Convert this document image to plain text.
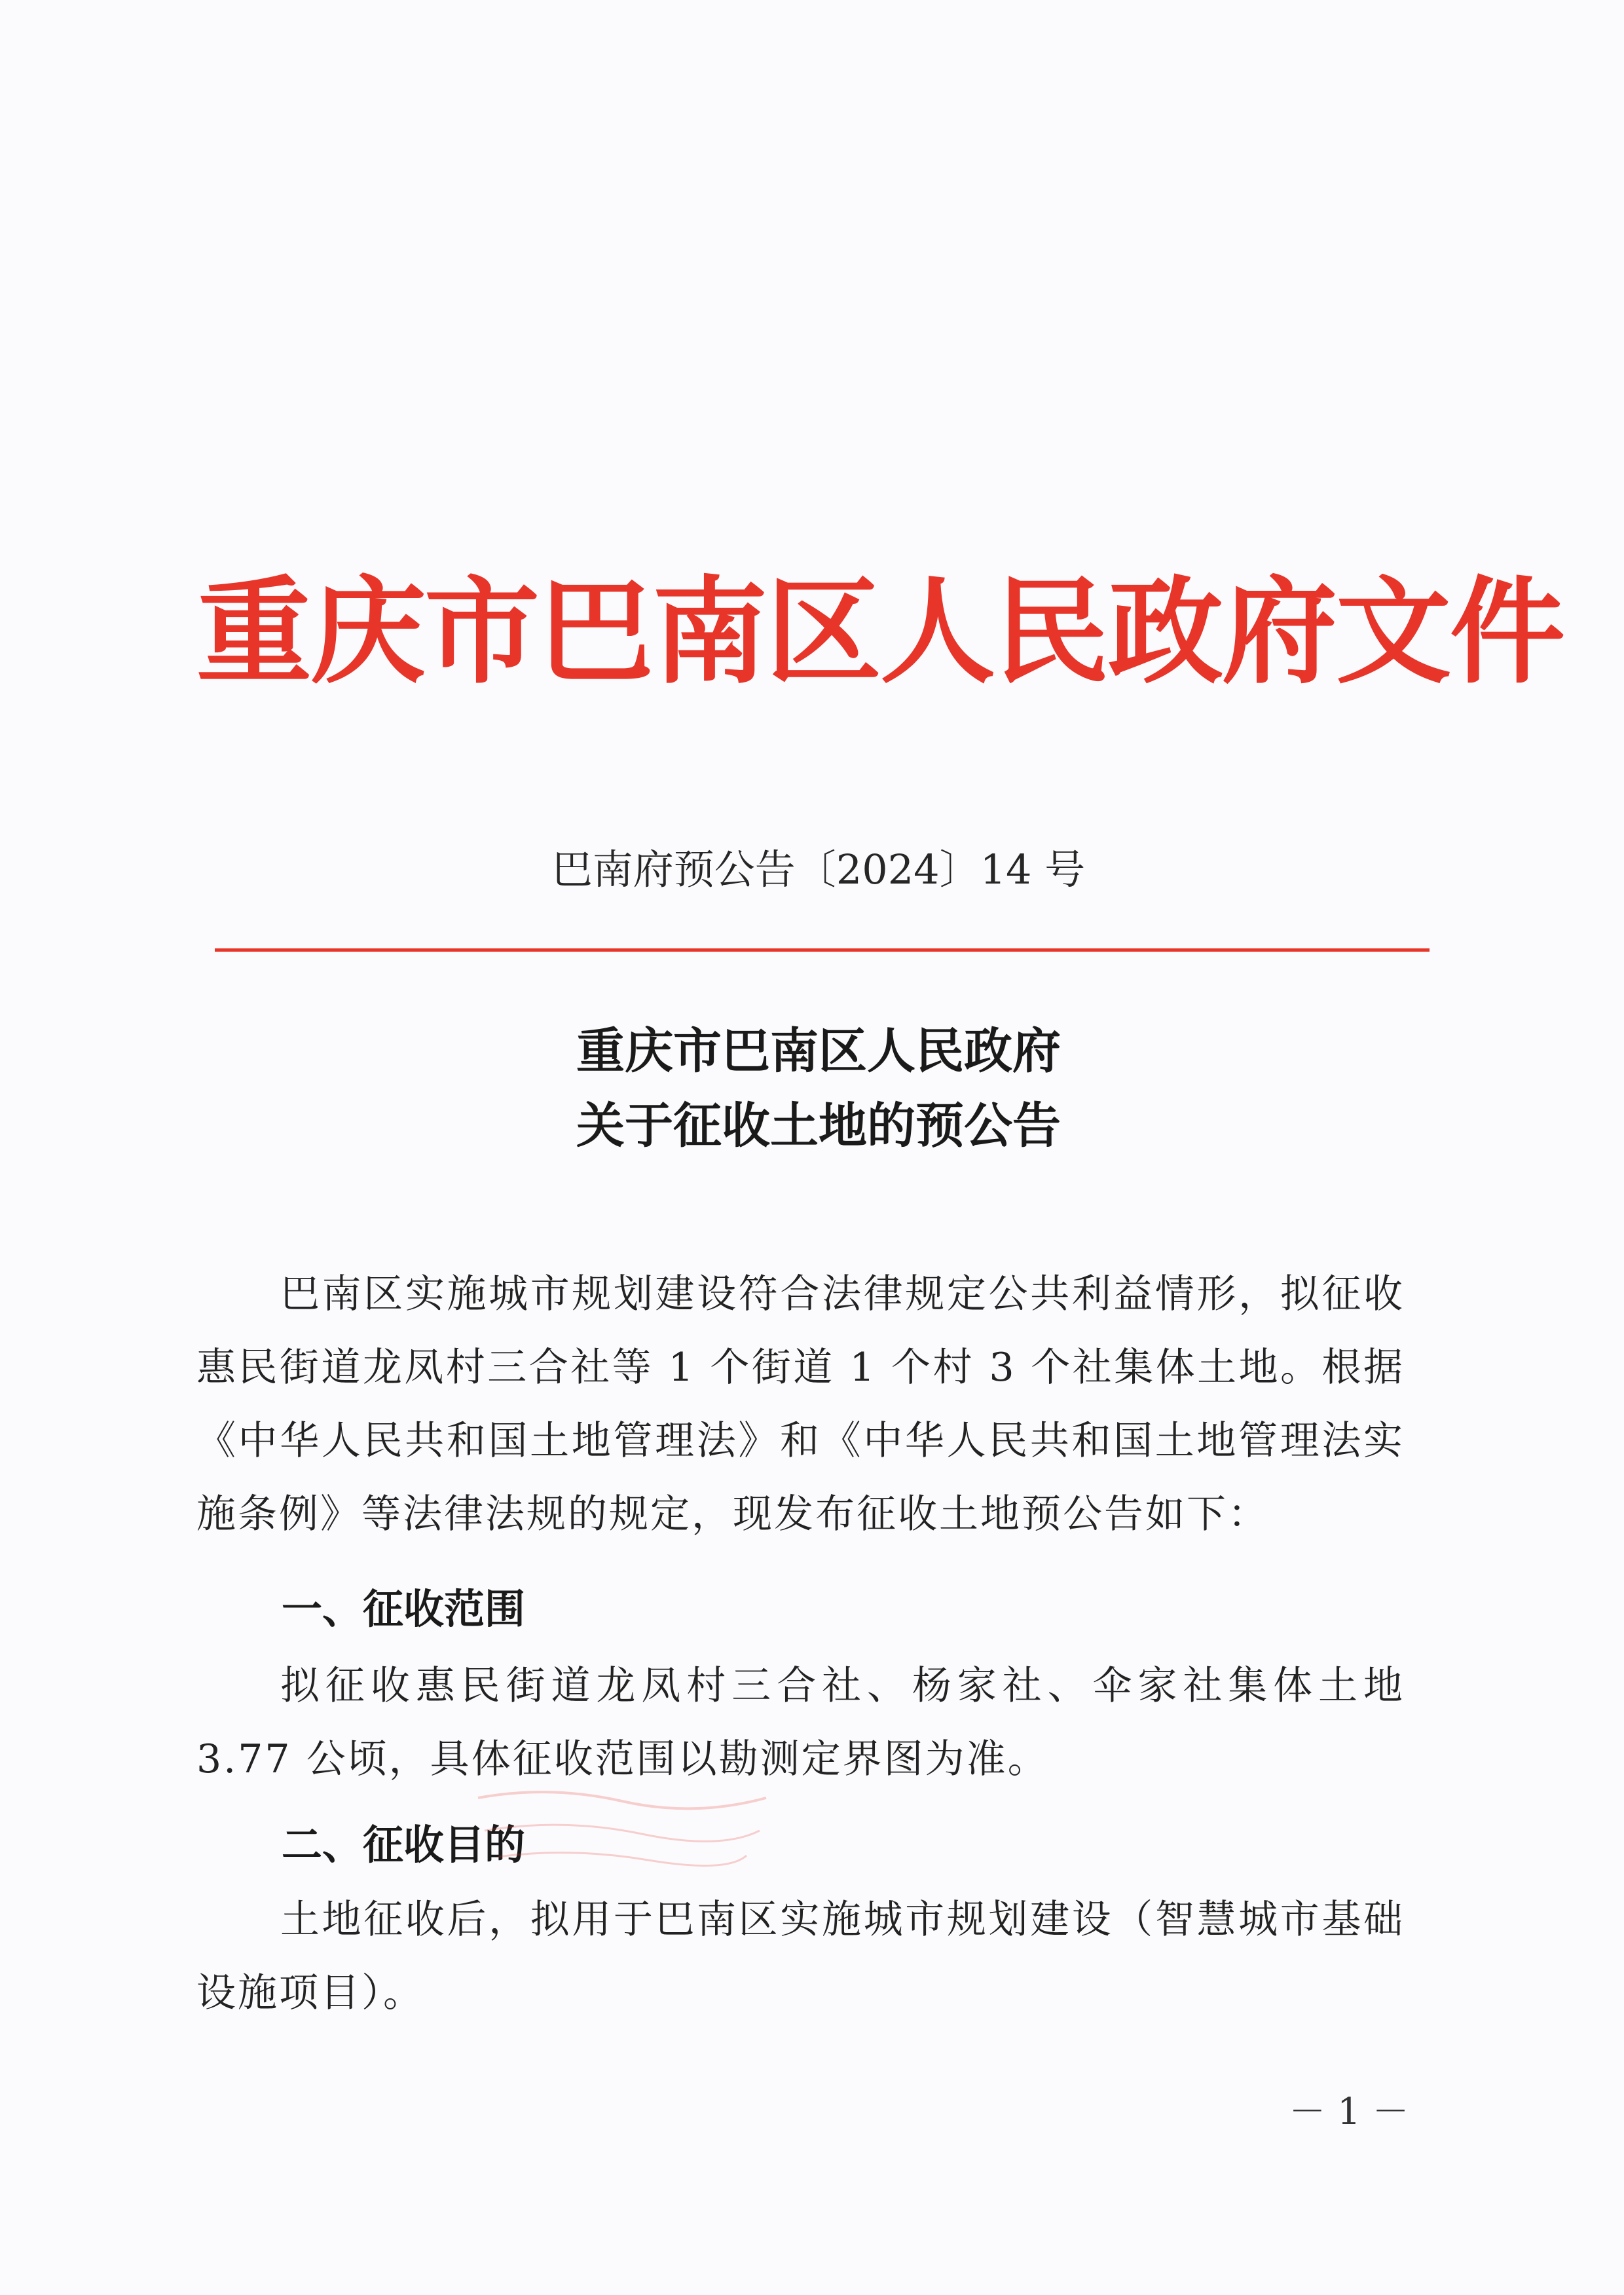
重庆市巴南区人民政府文件
巴南府预公告〔2024〕14 号
重庆市巴南区人民政府
关于征收土地的预公告
巴南区实施城市规划建设符合法律规定公共利益情形，拟征收惠民街道龙凤村三合社等 1 个街道 1 个村 3 个社集体土地。根据《中华人民共和国土地管理法》和《中华人民共和国土地管理法实施条例》等法律法规的规定，现发布征收土地预公告如下：
一、征收范围
拟征收惠民街道龙凤村三合社、杨家社、伞家社集体土地 3.77 公顷，具体征收范围以勘测定界图为准。
二、征收目的
土地征收后，拟用于巴南区实施城市规划建设（智慧城市基础设施项目）。
－ 1 －
